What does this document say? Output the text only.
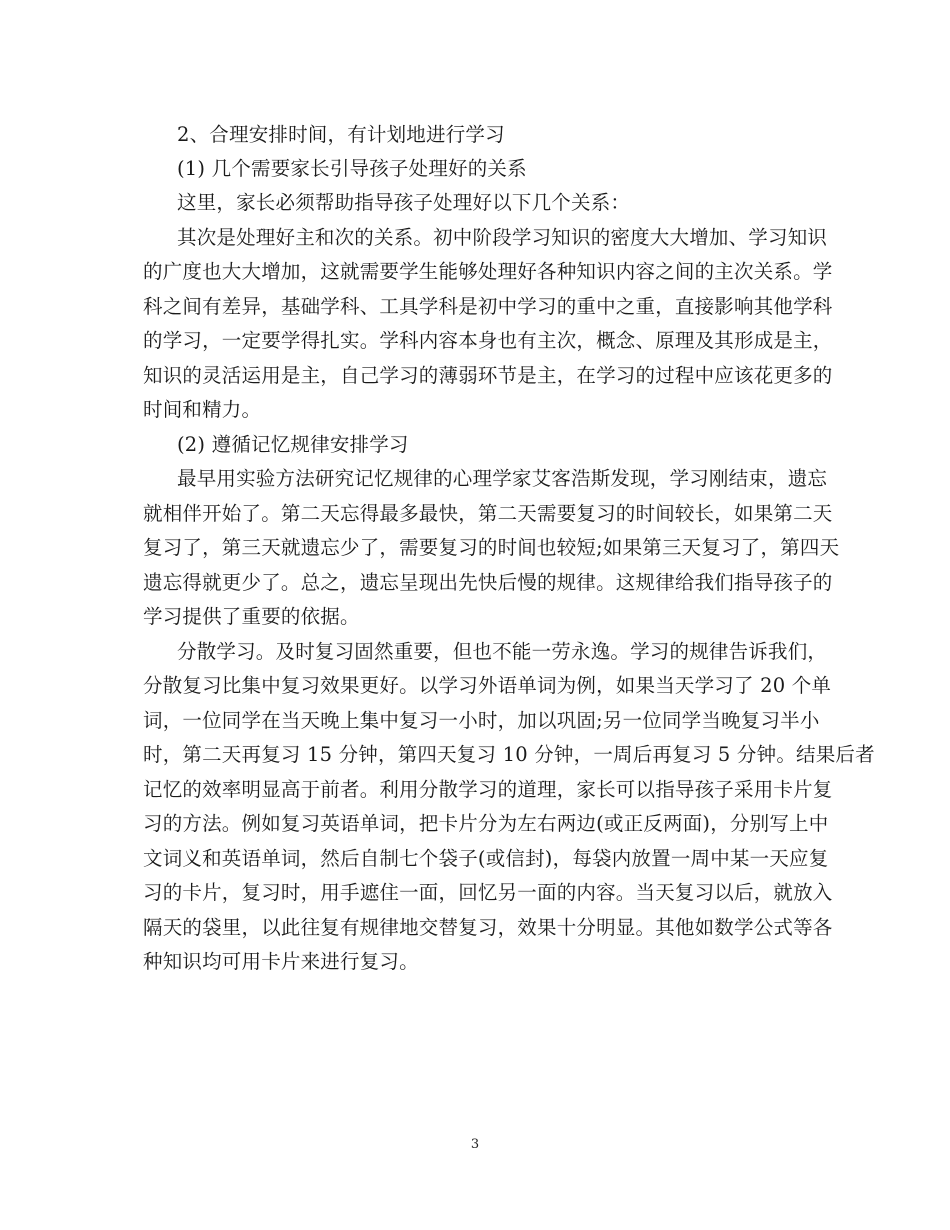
2、合理安排时间，有计划地进行学习
(1) 几个需要家长引导孩子处理好的关系
这里，家长必须帮助指导孩子处理好以下几个关系：
其次是处理好主和次的关系。初中阶段学习知识的密度大大增加、学习知识
的广度也大大增加，这就需要学生能够处理好各种知识内容之间的主次关系。学
科之间有差异，基础学科、工具学科是初中学习的重中之重，直接影响其他学科
的学习，一定要学得扎实。学科内容本身也有主次，概念、原理及其形成是主，
知识的灵活运用是主，自己学习的薄弱环节是主，在学习的过程中应该花更多的
时间和精力。
(2) 遵循记忆规律安排学习
最早用实验方法研究记忆规律的心理学家艾客浩斯发现，学习刚结束，遗忘
就相伴开始了。第二天忘得最多最快，第二天需要复习的时间较长，如果第二天
复习了，第三天就遗忘少了，需要复习的时间也较短;如果第三天复习了，第四天
遗忘得就更少了。总之，遗忘呈现出先快后慢的规律。这规律给我们指导孩子的
学习提供了重要的依据。
分散学习。及时复习固然重要，但也不能一劳永逸。学习的规律告诉我们，
分散复习比集中复习效果更好。以学习外语单词为例，如果当天学习了 20 个单
词，一位同学在当天晚上集中复习一小时，加以巩固;另一位同学当晚复习半小
时，第二天再复习 15 分钟，第四天复习 10 分钟，一周后再复习 5 分钟。结果后者
记忆的效率明显高于前者。利用分散学习的道理，家长可以指导孩子采用卡片复
习的方法。例如复习英语单词，把卡片分为左右两边(或正反两面)，分别写上中
文词义和英语单词，然后自制七个袋子(或信封)，每袋内放置一周中某一天应复
习的卡片，复习时，用手遮住一面，回忆另一面的内容。当天复习以后，就放入
隔天的袋里，以此往复有规律地交替复习，效果十分明显。其他如数学公式等各
种知识均可用卡片来进行复习。
3
